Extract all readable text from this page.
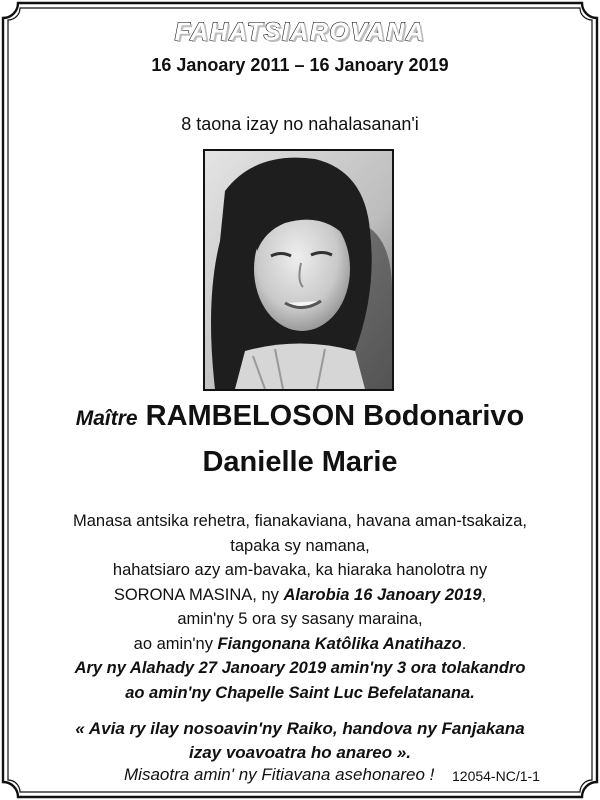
FAHATSIAROVANA
16 Janoary 2011 – 16 Janoary 2019
8 taona izay no nahalasanan'i
Maître RAMBELOSON Bodonarivo
Danielle Marie
Manasa antsika rehetra, fianakaviana, havana aman-tsakaiza,
tapaka sy namana,
hahatsiaro azy am-bavaka, ka hiaraka hanolotra ny
SORONA MASINA, ny Alarobia 16 Janoary 2019,
amin'ny 5 ora sy sasany maraina,
ao amin'ny Fiangonana Katôlika Anatihazo.
Ary ny Alahady 27 Janoary 2019 amin'ny 3 ora tolakandro
ao amin'ny Chapelle Saint Luc Befelatanana.
« Avia ry ilay nosoavin'ny Raiko, handova ny Fanjakana
izay voavoatra ho anareo ».
Misaotra amin' ny Fitiavana asehonareo ! 12054-NC/1-1
